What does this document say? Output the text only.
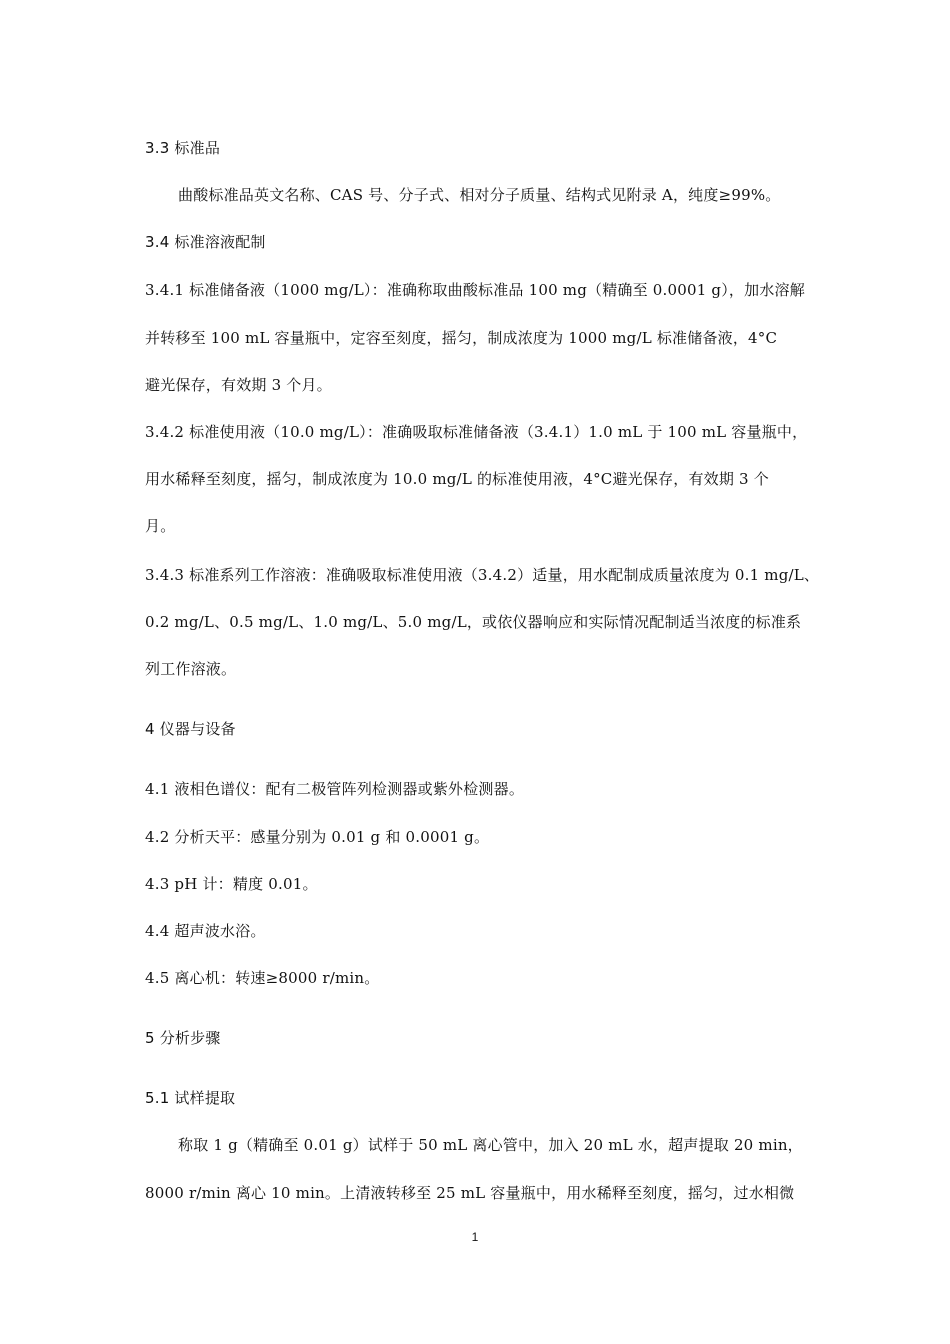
3.3 标准品
曲酸标准品英文名称、CAS 号、分子式、相对分子质量、结构式见附录 A，纯度≥99%。
3.4 标准溶液配制
3.4.1 标准储备液（1000 mg/L）：准确称取曲酸标准品 100 mg（精确至 0.0001 g），加水溶解
并转移至 100 mL 容量瓶中，定容至刻度，摇匀，制成浓度为 1000 mg/L 标准储备液，4°C
避光保存，有效期 3 个月。
3.4.2 标准使用液（10.0 mg/L）：准确吸取标准储备液（3.4.1）1.0 mL 于 100 mL 容量瓶中，
用水稀释至刻度，摇匀，制成浓度为 10.0 mg/L 的标准使用液，4°C避光保存，有效期 3 个
月。
3.4.3 标准系列工作溶液：准确吸取标准使用液（3.4.2）适量，用水配制成质量浓度为 0.1 mg/L、
0.2 mg/L、0.5 mg/L、1.0 mg/L、5.0 mg/L，或依仪器响应和实际情况配制适当浓度的标准系
列工作溶液。
4 仪器与设备
4.1 液相色谱仪：配有二极管阵列检测器或紫外检测器。
4.2 分析天平：感量分别为 0.01 g 和 0.0001 g。
4.3 pH 计：精度 0.01。
4.4 超声波水浴。
4.5 离心机：转速≥8000 r/min。
5 分析步骤
5.1 试样提取
称取 1 g（精确至 0.01 g）试样于 50 mL 离心管中，加入 20 mL 水，超声提取 20 min，
8000 r/min 离心 10 min。上清液转移至 25 mL 容量瓶中，用水稀释至刻度，摇匀，过水相微
1
